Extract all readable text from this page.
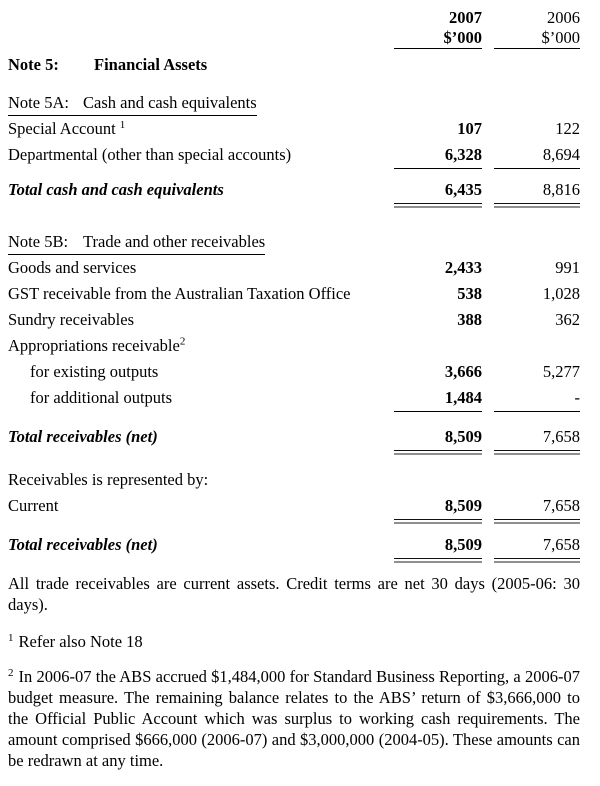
2007	2006
$’000	$’000
Note 5: Financial Assets
Note 5A: Cash and cash equivalents
Special Account $^1$	107	122
Departmental (other than special accounts)	6,328	8,694
Total cash and cash equivalents	6,435	8,816
Note 5B: Trade and other receivables
Goods and services	2,433	991
GST receivable from the Australian Taxation Office	538	1,028
Sundry receivables	388	362
Appropriations receivable$^2$
for existing outputs	3,666	5,277
for additional outputs	1,484	-
Total receivables (net)	8,509	7,658
Receivables is represented by:
Current	8,509	7,658
Total receivables (net)	8,509	7,658

All trade receivables are current assets. Credit terms are net 30 days (2005-06: 30 days).

$^1$ Refer also Note 18

$^2$ In 2006-07 the ABS accrued $1,484,000 for Standard Business Reporting, a 2006-07 budget measure. The remaining balance relates to the ABS’ return of $3,666,000 to the Official Public Account which was surplus to working cash requirements. The amount comprised $666,000 (2006-07) and $3,000,000 (2004-05). These amounts can be redrawn at any time.
